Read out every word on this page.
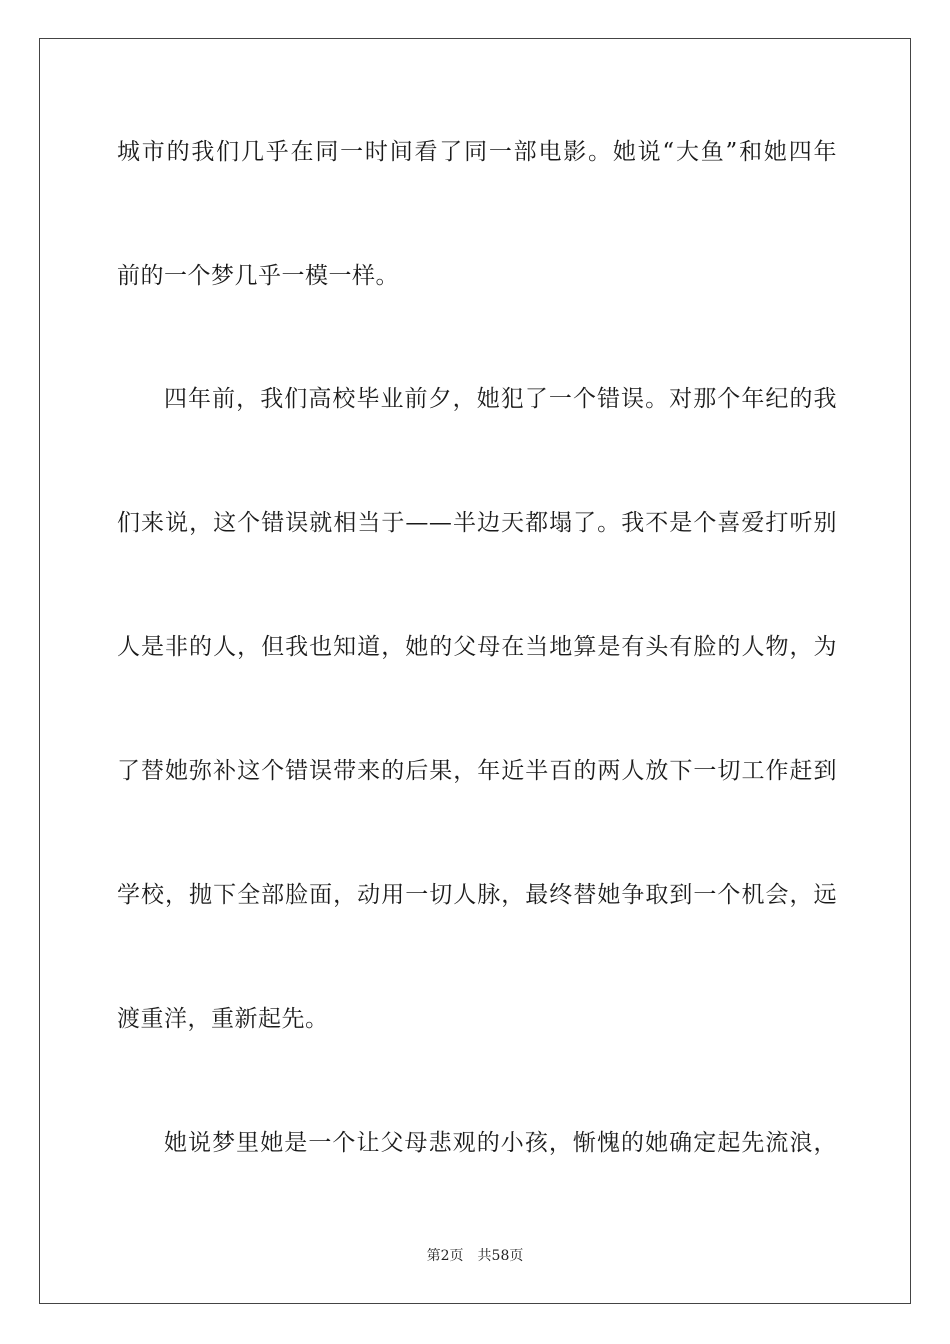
城市的我们几乎在同一时间看了同一部电影。她说“大鱼”和她四年
前的一个梦几乎一模一样。
四年前，我们高校毕业前夕，她犯了一个错误。对那个年纪的我
们来说，这个错误就相当于——半边天都塌了。我不是个喜爱打听别
人是非的人，但我也知道，她的父母在当地算是有头有脸的人物，为
了替她弥补这个错误带来的后果，年近半百的两人放下一切工作赶到
学校，抛下全部脸面，动用一切人脉，最终替她争取到一个机会，远
渡重洋，重新起先。
她说梦里她是一个让父母悲观的小孩，惭愧的她确定起先流浪，
第2页 共58页
